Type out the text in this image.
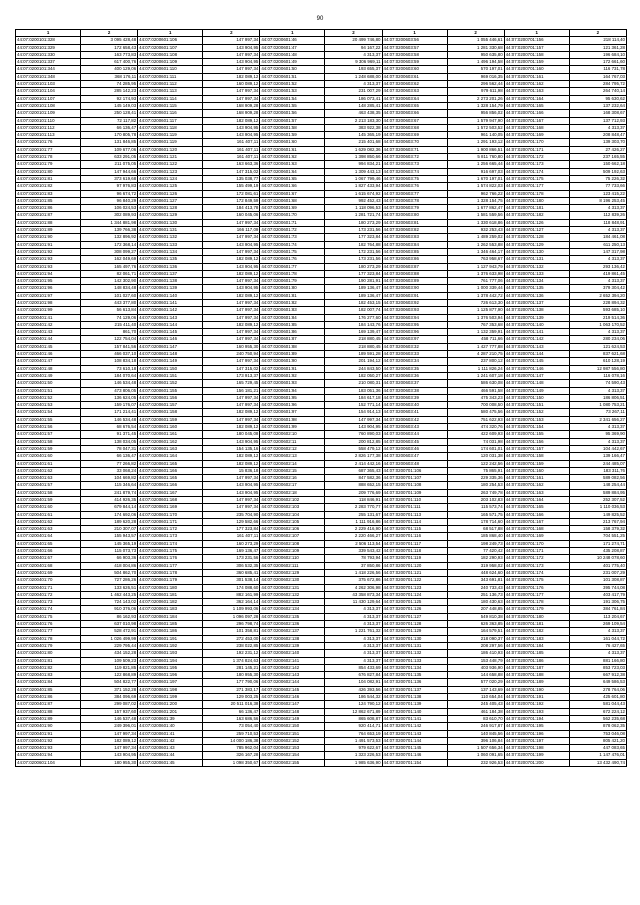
90
1	2	1	2	1	2	1	2	1	2
44:07:0200101:328	3 095 428,48	44:07:0200601:106	147 997,34	44:07:0200601:46	20 499 746,80	44:07:0200603:56	1 055 446,61	44:07:0200701:156	218 114,40
44:07:0200101:329	172 658,43	44:07:0200601:107	143 904,95	44:07:0200601:47	94 167,22	44:07:0200603:57	1 281 330,68	44:07:0200701:157	121 361,28
44:07:0200101:330	163 773,83	44:07:0200601:108	147 997,34	44:07:0200601:48	4 313,37	44:07:0200603:58	950 635,80	44:07:0200701:158	196 684,10
44:07:0200101:337	617 400,76	44:07:0200601:109	143 904,95	44:07:0200601:49	9 306 969,11	44:07:0200603:59	1 496 194,58	44:07:0200701:159	172 661,60
44:07:0200101:344	400 129,06	44:07:0200601:110	147 997,34	44:07:0200601:50	193 655,37	44:07:0200603:60	570 197,01	44:07:0200701:160	116 731,78
44:07:0200101:348	368 176,11	44:07:0200601:111	182 089,12	44:07:0200601:51	1 248 688,00	44:07:0200603:61	969 016,35	44:07:0200701:161	164 767,03
44:07:0200101:103	74 285,95	44:07:0200601:112	160 089,12	44:07:0200601:52	4 313,37	44:07:0200603:62	296 562,44	44:07:0200701:162	284 795,72
44:07:0200101:104	285 142,23	44:07:0200601:113	147 997,34	44:07:0200601:53	231 007,29	44:07:0200603:63	979 611,98	44:07:0200701:163	264 740,14
44:07:0200101:107	92 174,93	44:07:0200601:114	147 997,34	44:07:0200601:54	186 073,41	44:07:0200603:64	2 273 201,26	44:07:0200701:164	95 630,62
44:07:0200101:108	145 149,03	44:07:0200601:115	168 909,28	44:07:0200601:55	148 285,41	44:07:0200603:65	1 328 154,79	44:07:0200701:165	137 232,64
44:07:0200101:109	250 128,41	44:07:0200601:116	168 909,28	44:07:0200601:56	463 438,35	44:07:0200603:66	956 856,02	44:07:0200701:166	168 308,67
44:07:0200101:110	72 117,82	44:07:0200601:117	182 089,12	44:07:0200601:57	2 213 183,30	44:07:0200603:67	1 579 947,90	44:07:0200701:167	137 712,93
44:07:0200101:112	66 136,47	44:07:0200601:118	143 904,95	44:07:0200601:58	383 922,38	44:07:0200603:68	1 572 503,52	44:07:0200701:168	4 313,37
44:07:0200101:113	170 805,78	44:07:0200601:119	143 904,95	44:07:0200601:59	145 365,19	44:07:0200603:69	961 140,05	44:07:0200701:169	208 848,47
44:07:0200101:76	131 846,85	44:07:0200601:119	161 407,11	44:07:0200601:60	215 401,68	44:07:0200603:70	1 291 193,12	44:07:0200701:170	139 303,70
44:07:0200101:77	109 677,06	44:07:0200601:120	161 407,11	44:07:0200601:61	1 629 082,36	44:07:0200603:71	1 900 866,51	44:07:0200701:171	27 426,27
44:07:0200101:78	633 291,05	44:07:0200601:121	161 407,11	44:07:0200601:62	1 398 850,66	44:07:0200603:72	5 811 760,80	44:07:0200701:172	237 165,55
44:07:0200101:79	211 075,05	44:07:0200601:122	163 663,36	44:07:0200601:63	994 834,21	44:07:0200603:73	1 256 665,44	44:07:0200701:173	150 662,18
44:07:0200101:80	147 944,66	44:07:0200601:123	147 315,02	44:07:0200601:64	1 309 443,13	44:07:0200603:74	916 697,03	44:07:0200701:174	509 192,63
44:07:0200101:81	373 619,68	44:07:0200601:124	135 038,77	44:07:0200601:65	1 067 799,46	44:07:0200603:75	1 670 197,01	44:07:0200701:175	75 226,32
44:07:0200101:82	97 976,83	44:07:0200601:125	155 499,19	44:07:0200601:66	1 827 433,94	44:07:0200603:76	1 574 822,03	44:07:0200701:177	77 733,66
44:07:0200101:83	96 674,72	44:07:0200601:126	172 081,61	44:07:0200601:67	1 615 674,92	44:07:0200603:77	962 766,22	44:07:0200701:178	123 415,22
44:07:0200101:85	96 840,29	44:07:0200601:127	172 849,59	44:07:0200601:68	992 452,43	44:07:0200603:78	1 328 154,75	44:07:0200701:180	8 196 253,45
44:07:0200101:86	106 024,53	44:07:0200601:128	184 413,78	44:07:0200601:69	1 118 096,53	44:07:0200603:79	1 677 862,47	44:07:0200701:181	4 313,37
44:07:0200101:87	302 089,93	44:07:0200601:129	160 045,06	44:07:0200601:70	1 281 721,74	44:07:0200603:80	1 581 559,56	44:07:0200701:182	112 839,26
44:07:0200101:88	1 344 881,98	44:07:0200601:130	147 997,34	44:07:0200601:71	180 273,29	44:07:0200603:81	1 330 618,86	44:07:0200701:126	118 848,91
44:07:0200101:89	139 766,38	44:07:0200601:131	166 117,09	44:07:0200601:72	173 231,56	44:07:0200603:82	932 253,43	44:07:0200701:127	4 313,37
44:07:0200101:90	132 896,92	44:07:0200601:132	147 997,34	44:07:0200601:73	177 323,84	44:07:0200603:83	1 489 259,02	44:07:0200701:128	184 461,08
44:07:0200101:91	172 368,14	44:07:0200601:133	143 904,95	44:07:0200601:74	182 764,88	44:07:0200603:84	1 262 553,88	44:07:0200701:129	611 250,13
44:07:0200101:92	308 099,27	44:07:0200601:134	147 997,34	44:07:0200601:75	172 231,56	44:07:0200603:85	1 346 464,17	44:07:0200701:130	147 317,98
44:07:0200101:93	162 049,69	44:07:0200601:135	182 089,12	44:07:0200601:76	173 231,56	44:07:0200603:86	763 958,67	44:07:0200701:131	4 313,37
44:07:0200101:93	165 497,76	44:07:0200601:136	143 904,95	44:07:0200601:77	180 273,29	44:07:0200603:87	1 127 943,79	44:07:0200701:132	293 136,42
44:07:0200101:94	82 061,71	44:07:0200601:137	182 089,12	44:07:0200601:78	177 323,84	44:07:0200603:88	1 376 633,98	44:07:0200701:133	419 861,45
44:07:0200101:95	142 302,90	44:07:0200601:138	147 997,34	44:07:0200601:79	190 281,91	44:07:0200603:89	761 777,06	44:07:0200701:134	4 313,37
44:07:0200101:96	148 834,48	44:07:0200601:139	143 904,95	44:07:0200601:80	189 136,47	44:07:0200603:90	1 000 339,44	44:07:0200701:135	379 304,42
44:07:0200101:97	101 027,60	44:07:0200601:140	182 089,12	44:07:0200601:81	189 136,47	44:07:0200603:91	1 378 442,72	44:07:0200701:136	2 652 394,20
44:07:0200101:98	443 377,80	44:07:0200601:141	147 997,34	44:07:0200601:82	182 453,15	44:07:0200603:92	726 613,30	44:07:0200701:137	228 894,32
44:07:0200101:99	56 613,84	44:07:0200601:142	147 997,34	44:07:0200601:83	182 007,74	44:07:0200603:93	1 125 877,90	44:07:0200701:138	593 685,10
44:07:0200401:41	74 129,06	44:07:0200601:143	147 997,34	44:07:0200601:84	176 277,60	44:07:0200603:94	1 376 503,94	44:07:0200701:139	219 514,36
44:07:0200401:42	215 411,40	44:07:0200601:144	182 089,12	44:07:0200601:85	184 143,76	44:07:0200603:95	767 353,68	44:07:0200701:140	1 063 170,52
44:07:0200401:43	861,70	44:07:0200601:145	147 997,34	44:07:0200601:86	169 139,47	44:07:0200603:96	1 132 359,91	44:07:0200701:141	4 313,37
44:07:0200401:44	122 754,04	44:07:0200601:146	147 997,34	44:07:0200601:87	218 880,45	44:07:0200603:97	458 711,66	44:07:0200701:142	280 234,06
44:07:0200401:45	157 841,56	44:07:0200601:147	160 955,30	44:07:0200601:88	218 880,45	44:07:0200603:32	1 427 777,88	44:07:0200701:143	121 624,53
44:07:0200401:46	466 037,10	44:07:0200601:148	240 750,94	44:07:0200601:89	189 591,28	44:07:0200603:33	4 287 210,75	44:07:0200701:144	837 621,68
44:07:0200401:47	108 834,18	44:07:0200601:149	147 997,34	44:07:0200601:90	201 194,12	44:07:0200603:34	237 800,12	44:07:0200701:145	610 128,19
44:07:0200401:48	73 610,18	44:07:0200601:150	147 315,02	44:07:0200601:91	244 843,50	44:07:0200603:35	1 111 826,24	44:07:0200701:146	12 987 556,80
44:07:0200401:49	184 070,64	44:07:0200601:151	173 913,37	44:07:0200601:92	182 050,27	44:07:0200603:36	1 241 607,18	44:07:0200701:147	116 078,16
44:07:0200401:50	146 534,48	44:07:0200601:152	165 729,45	44:07:0200601:93	210 080,31	44:07:0200603:37	586 630,08	44:07:0200701:148	74 590,43
44:07:0200401:51	473 806,05	44:07:0200601:155	156 181,21	44:07:0200601:94	183 051,36	44:07:0200603:38	466 591,58	44:07:0200701:149	4 313,37
44:07:0200401:52	136 624,05	44:07:0200601:156	147 997,34	44:07:0200601:95	184 617,18	44:07:0200603:39	475 343,23	44:07:0200701:150	186 806,51
44:07:0200401:53	159 176,07	44:07:0200601:157	147 997,34	44:07:0200601:96	152 771,14	44:07:0200603:40	700 008,50	44:07:0200701:151	1 080 753,21
44:07:0200401:54	171 214,41	44:07:0200601:158	182 089,12	44:07:0200601:97	154 914,13	44:07:0200603:41	580 475,56	44:07:0200701:152	73 267,11
44:07:0200401:55	146 534,48	44:07:0200601:159	147 997,34	44:07:0200601:98	147 997,34	44:07:0200603:42	751 622,93	44:07:0200701:153	2 341 656,27
44:07:0200401:56	68 676,54	44:07:0200601:160	182 089,12	44:07:0200601:99	143 904,95	44:07:0200603:43	474 320,76	44:07:0200701:154	4 313,37
44:07:0200401:57	91 371,45	44:07:0200601:161	180 045,08	44:07:0200602:10	760 890,03	44:07:0200603:44	422 609,93	44:07:0200701:155	95 369,90
44:07:0200401:58	138 034,05	44:07:0200601:162	143 904,95	44:07:0200602:11	200 812,85	44:07:0200603:45	74 031,98	44:07:0200701:156	4 313,37
44:07:0200401:59	78 047,31	44:07:0200601:163	154 135,16	44:07:0200602:12	558 479,12	44:07:0200603:46	174 601,01	44:07:0200701:157	104 442,67
44:07:0200401:60	66 136,47	44:07:0200601:164	182 089,12	44:07:0200602:13	2 826 177,38	44:07:0200603:47	120 031,38	44:07:0200701:158	139 166,47
44:07:0200401:61	77 266,82	44:07:0200601:165	182 089,12	44:07:0200602:14	2 414 442,16	44:07:0200603:48	122 242,56	44:07:0200701:159	244 485,07
44:07:0200401:62	33 068,24	44:07:0200601:166	15 836,18	44:07:0200602:15	687 365,43	44:07:0200701:106	75 865,91	44:07:0200701:160	183 311,76
44:07:0200401:63	104 669,82	44:07:0200601:165	147 997,34	44:07:0200602:16	847 582,36	44:07:0200701:107	229 335,36	44:07:0200701:161	589 082,56
44:07:0200401:57	115 346,64	44:07:0200601:166	143 904,95	44:07:0200602:17	888 652,15	44:07:0200701:108	180 254,53	44:07:0200701:162	148 254,44
44:07:0200401:58	241 879,74	44:07:0200601:167	143 904,95	44:07:0200602:18	209 776,69	44:07:0200701:109	263 749,78	44:07:0200701:163	589 884,95
44:07:0200401:59	414 926,35	44:07:0200601:168	147 997,34	44:07:0200602:102	118 846,91	44:07:0200701:110	203 102,83	44:07:0200701:164	252 307,52
44:07:0200401:60	679 844,14	44:07:0200601:169	147 997,34	44:07:0200602:103	2 283 770,77	44:07:0200701:111	115 573,74	44:07:0200701:165	1 110 036,53
44:07:0200401:61	174 692,06	44:07:0200601:170	235 704,90	44:07:0200602:104	255 131,67	44:07:0200701:113	165 571,75	44:07:0200701:166	149 825,52
44:07:0200401:62	189 620,28	44:07:0200601:171	129 582,66	44:07:0200602:105	1 111 916,86	44:07:0200701:114	178 714,60	44:07:0200701:167	213 767,94
44:07:0200401:63	210 307,07	44:07:0200601:172	177 323,84	44:07:0200602:106	2 229 416,90	44:07:0200701:115	68 517,88	44:07:0200701:168	158 379,32
44:07:0200401:64	155 943,57	44:07:0200601:173	161 407,11	44:07:0200602:107	2 220 466,27	44:07:0200701:116	185 868,40	44:07:0200701:169	704 551,25
44:07:0200401:65	145 365,19	44:07:0200601:174	160 273,29	44:07:0200602:108	2 506 113,54	44:07:0200701:117	198 249,73	44:07:0200701:170	171 274,71
44:07:0200401:66	115 073,73	44:07:0200601:175	169 136,47	44:07:0200602:109	339 543,42	44:07:0200701:118	77 420,42	44:07:0200701:171	435 208,87
44:07:0200401:67	66 903,36	44:07:0200601:176	173 231,56	44:07:0200602:110	78 793,94	44:07:0200701:119	182 290,93	44:07:0200701:172	10 248 078,60
44:07:0200401:68	418 004,86	44:07:0200601:177	306 532,35	44:07:0200602:111	37 850,86	44:07:0200701:120	319 958,02	44:07:0200701:173	401 775,40
44:07:0200401:69	504 862,70	44:07:0200601:178	360 685,41	44:07:0200602:129	1 418 226,56	44:07:0200701:121	448 624,60	44:07:0200701:174	231 007,29
44:07:0200401:70	727 286,26	44:07:0200601:179	301 538,14	44:07:0200602:130	375 672,86	44:07:0200701:122	343 691,81	44:07:0200701:175	101 308,87
44:07:0200401:71	133 626,51	44:07:0200601:180	174 088,60	44:07:0200602:131	4 262 306,98	44:07:0200701:123	240 733,43	44:07:0200701:176	395 744,08
44:07:0200401:72	1 462 443,25	44:07:0200601:181	882 161,99	44:07:0200602:132	43 358 873,34	44:07:0200701:124	251 136,73	44:07:0200701:177	403 417,79
44:07:0200401:73	724 143,02	44:07:0200601:182	362 164,14	44:07:0200602:133	11 430 129,64	44:07:0200701:125	180 430,63	44:07:0200701:178	191 306,75
44:07:0200401:74	910 376,06	44:07:0200601:183	1 109 993,06	44:07:0200602:134	4 313,37	44:07:0200701:126	207 448,85	44:07:0200701:179	384 761,84
44:07:0200401:75	86 162,93	44:07:0200601:184	1 096 097,28	44:07:0200602:135	4 313,37	44:07:0200701:127	549 810,38	44:07:0200701:180	113 204,67
44:07:0200401:76	637 010,98	44:07:0200601:185	296 798,74	44:07:0200602:136	4 313,37	44:07:0200701:128	626 363,85	44:07:0200701:181	269 109,54
44:07:0200401:77	528 472,91	44:07:0200601:186	101 358,81	44:07:0200602:137	1 221 761,32	44:07:0200701:129	164 579,51	44:07:0200701:182	4 313,37
44:07:0200401:78	1 026 499,99	44:07:0200601:191	272 453,00	44:07:0200602:138	4 313,37	44:07:0200701:130	218 090,37	44:07:0200701:183	161 044,72
44:07:0200401:79	229 795,44	44:07:0200601:192	238 022,85	44:07:0200602:139	4 313,37	44:07:0200701:131	208 297,56	44:07:0200701:184	76 427,65
44:07:0200401:80	434 152,28	44:07:0200601:193	192 231,12	44:07:0200602:140	4 313,37	44:07:0200701:132	186 410,93	44:07:0200701:185	4 313,37
44:07:0200401:81	109 509,23	44:07:0200601:194	1 374 824,63	44:07:0200602:141	4 313,37	44:07:0200701:133	153 448,79	44:07:0200701:186	881 166,80
44:07:0200401:82	119 821,85	44:07:0200601:195	281 145,21	44:07:0200602:142	854 433,69	44:07:0200701:134	403 936,90	44:07:0200701:187	853 723,03
44:07:0200401:83	122 868,89	44:07:0200601:196	180 955,30	44:07:0200602:143	676 827,84	44:07:0200701:135	144 658,88	44:07:0200701:188	667 912,38
44:07:0200401:84	504 822,77	44:07:0200601:197	177 790,06	44:07:0200602:144	104 082,91	44:07:0200701:136	577 020,29	44:07:0200701:189	649 586,53
44:07:0200401:85	371 152,28	44:07:0200601:198	271 383,17	44:07:0200602:145	426 393,56	44:07:0200701:137	137 143,69	44:07:0200701:190	278 764,06
44:07:0200401:86	384 096,69	44:07:0200601:199	129 003,25	44:07:0200602:146	186 544,32	44:07:0200701:138	110 654,04	44:07:0200701:191	425 601,80
44:07:0200401:87	299 087,02	44:07:0200601:200	20 511 016,38	44:07:0200602:147	124 790,12	44:07:0200701:139	245 405,43	44:07:0200701:192	581 044,43
44:07:0200401:88	157 937,60	44:07:0200601:201	66 136,47	44:07:0200602:148	12 862 671,89	44:07:0200701:140	461 184,38	44:07:0200701:193	672 224,12
44:07:0200401:89	146 537,48	44:07:0200601:39	163 686,56	44:07:0200602:149	865 608,87	44:07:0200701:141	83 610,70	44:07:0200701:194	562 235,68
44:07:0200401:90	249 396,01	44:07:0200601:40	73 054,40	44:07:0200602:150	920 414,71	44:07:0200701:142	246 917,87	44:07:0200701:195	878 062,35
44:07:0200401:91	147 997,34	44:07:0200601:41	259 710,53	44:07:0200602:151	764 653,19	44:07:0200701:143	140 845,56	44:07:0200701:196	753 046,08
44:07:0200401:92	182 089,12	44:07:0200601:42	14 000 186,38	44:07:0200602:152	1 491 573,53	44:07:0200701:144	396 106,84	44:07:0200701:197	805 421,20
44:07:0200401:93	147 997,34	44:07:0200601:43	785 962,04	44:07:0200602:153	979 622,67	44:07:0200701:145	1 507 656,34	44:07:0200701:198	447 083,65
44:07:0200401:94	143 904,95	44:07:0200601:44	326 167,28	44:07:0200602:154	1 323 226,53	44:07:0200701:146	1 060 091,65	44:07:0200701:199	1 147 476,01
44:07:0200601:104	180 955,30	44:07:0200601:45	1 098 350,67	44:07:0200602:155	1 985 636,90	44:07:0200701:154	232 926,53	44:07:0200701:200	13 432 490,74
